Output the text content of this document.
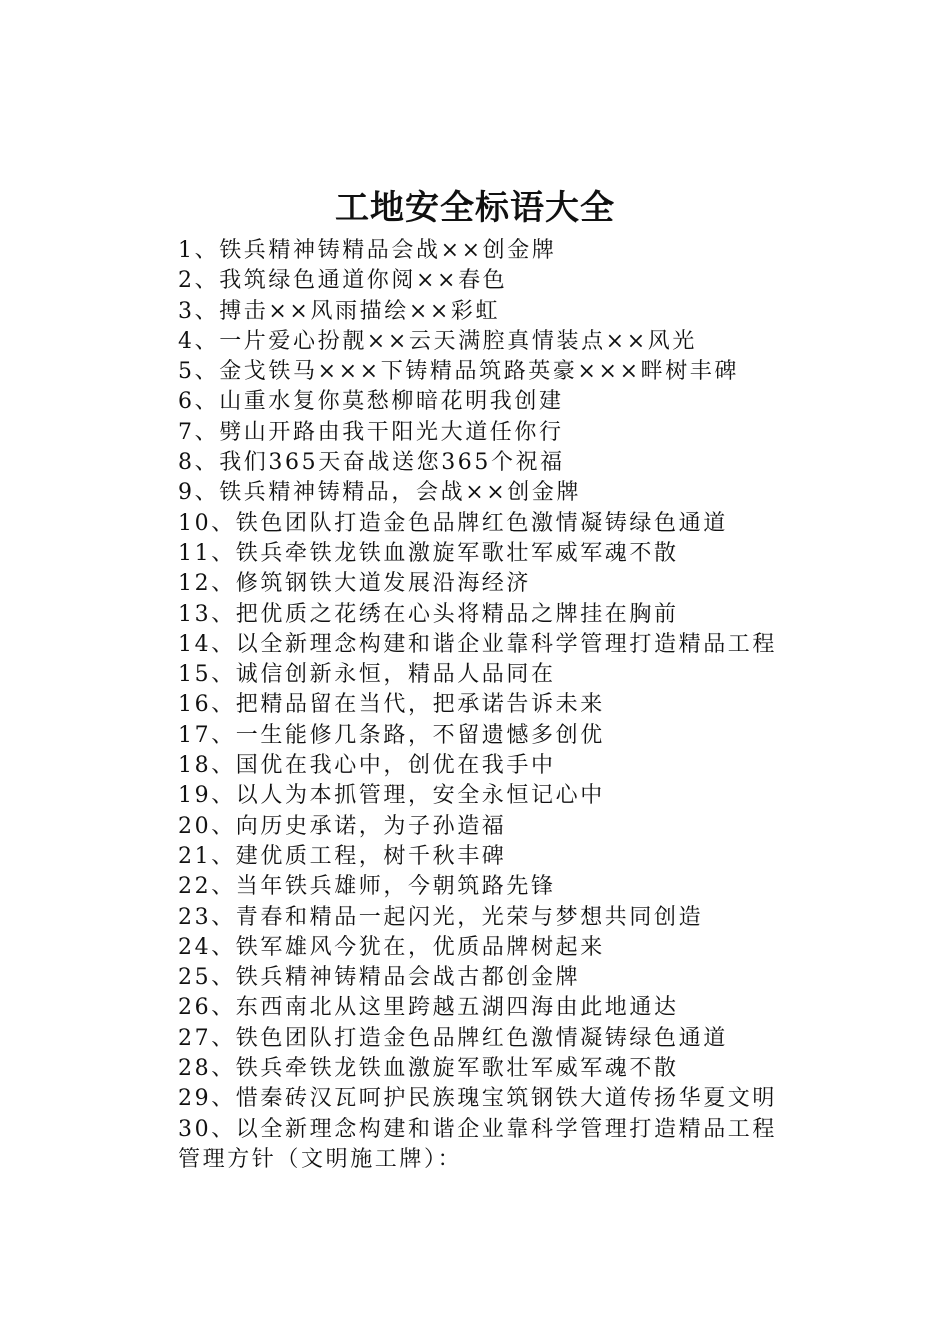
工地安全标语大全
1、铁兵精神铸精品会战××创金牌
2、我筑绿色通道你阅××春色
3、搏击××风雨描绘××彩虹
4、一片爱心扮靓××云天满腔真情装点××风光
5、金戈铁马×××下铸精品筑路英豪×××畔树丰碑
6、山重水复你莫愁柳暗花明我创建
7、劈山开路由我干阳光大道任你行
8、我们365天奋战送您365个祝福
9、铁兵精神铸精品，会战××创金牌
10、铁色团队打造金色品牌红色激情凝铸绿色通道
11、铁兵牵铁龙铁血激旋军歌壮军威军魂不散
12、修筑钢铁大道发展沿海经济
13、把优质之花绣在心头将精品之牌挂在胸前
14、以全新理念构建和谐企业靠科学管理打造精品工程
15、诚信创新永恒，精品人品同在
16、把精品留在当代，把承诺告诉未来
17、一生能修几条路，不留遗憾多创优
18、国优在我心中，创优在我手中
19、以人为本抓管理，安全永恒记心中
20、向历史承诺，为子孙造福
21、建优质工程，树千秋丰碑
22、当年铁兵雄师，今朝筑路先锋
23、青春和精品一起闪光，光荣与梦想共同创造
24、铁军雄风今犹在，优质品牌树起来
25、铁兵精神铸精品会战古都创金牌
26、东西南北从这里跨越五湖四海由此地通达
27、铁色团队打造金色品牌红色激情凝铸绿色通道
28、铁兵牵铁龙铁血激旋军歌壮军威军魂不散
29、惜秦砖汉瓦呵护民族瑰宝筑钢铁大道传扬华夏文明
30、以全新理念构建和谐企业靠科学管理打造精品工程
管理方针（文明施工牌）：
